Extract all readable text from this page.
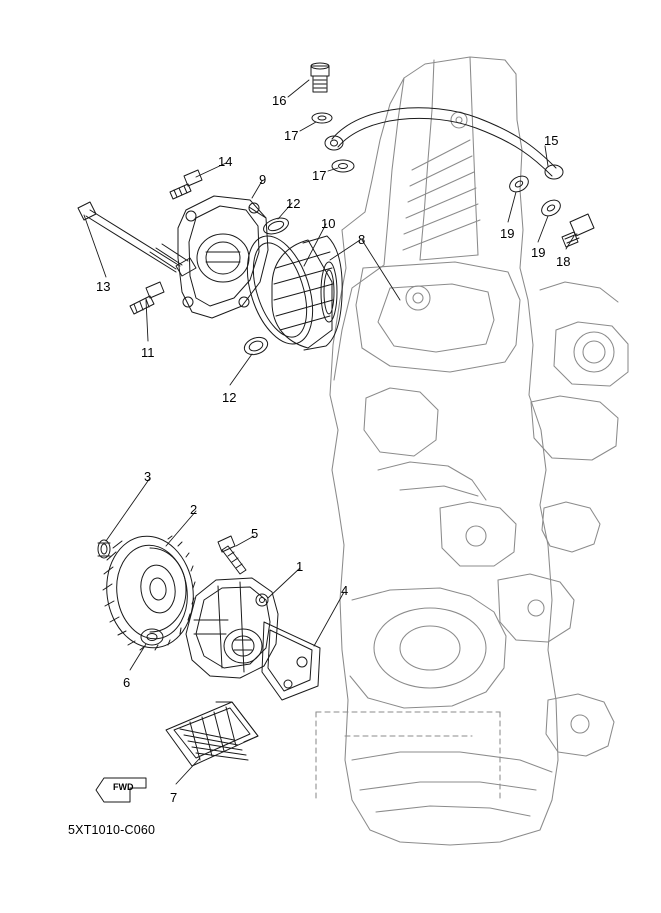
16
17
17
15
19
19
18
14
9
12
10
8
13
11
12
3
2
5
1
4
6
7
FWD
5XT1010-C060
